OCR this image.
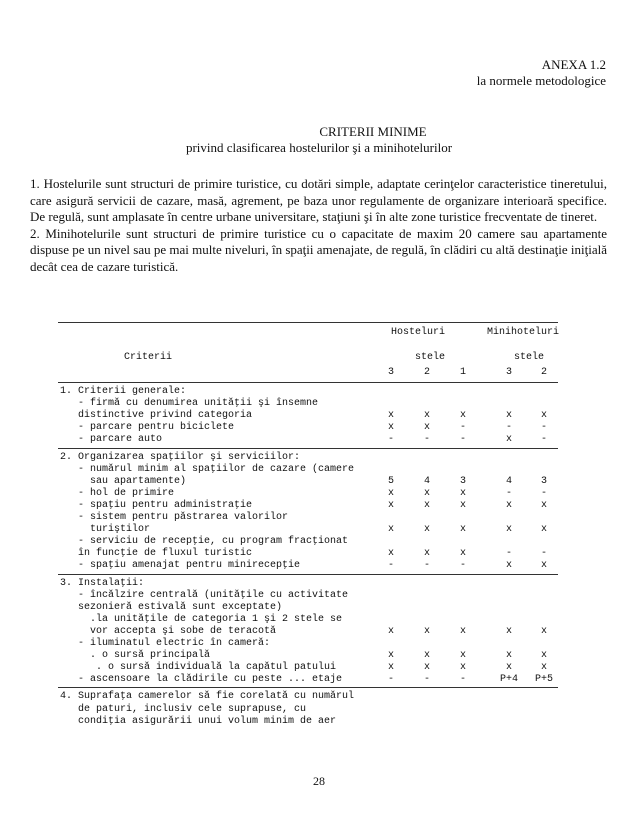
ANEXA 1.2
la normele metodologice
CRITERII MINIME
privind clasificarea hostelurilor şi a minihotelurilor

1. Hostelurile sunt structuri de primire turistice, cu dotări simple, adaptate cerinţelor caracteristice tineretului, care asigură servicii de cazare, masă, agrement, pe baza unor regulamente de organizare interioară specifice. De regulă, sunt amplasate în centre urbane universitare, staţiuni şi în alte zone turistice frecventate de tineret.

2. Minihotelurile sunt structuri de primire turistice cu o capacitate de maxim 20 camere sau apartamente dispuse pe un nivel sau pe mai multe niveluri, în spaţii amenajate, de regulă, în clădiri cu altă destinaţie iniţială decât cea de cazare turistică.

Hosteluri	Minihoteluri
Criterii	stele	stele
3	2	1	3	2
1. Criterii generale:
- firmă cu denumirea unităţii şi însemne
distinctive privind categoria	x	x	x	x	x
- parcare pentru biciclete	x	x	-	-	-
- parcare auto	-	-	-	x	-
2. Organizarea spaţiilor şi serviciilor:
- numărul minim al spaţiilor de cazare (camere
sau apartamente)	5	4	3	4	3
- hol de primire	x	x	x	-	-
- spaţiu pentru administraţie	x	x	x	x	x
- sistem pentru păstrarea valorilor
turiştilor	x	x	x	x	x
- serviciu de recepţie, cu program fracţionat
în funcţie de fluxul turistic	x	x	x	-	-
- spaţiu amenajat pentru minirecepţie	-	-	-	x	x
3. Instalaţii:
- încălzire centrală (unităţile cu activitate
sezonieră estivală sunt exceptate)
.la unităţile de categoria 1 şi 2 stele se
vor accepta şi sobe de teracotă	x	x	x	x	x
- iluminatul electric în cameră:
. o sursă principală	x	x	x	x	x
. o sursă individuală la capătul patului	x	x	x	x	x
- ascensoare la clădirile cu peste ... etaje	-	-	-	P+4	P+5
4. Suprafaţa camerelor să fie corelată cu numărul
de paturi, inclusiv cele suprapuse, cu
condiţia asigurării unui volum minim de aer
28
